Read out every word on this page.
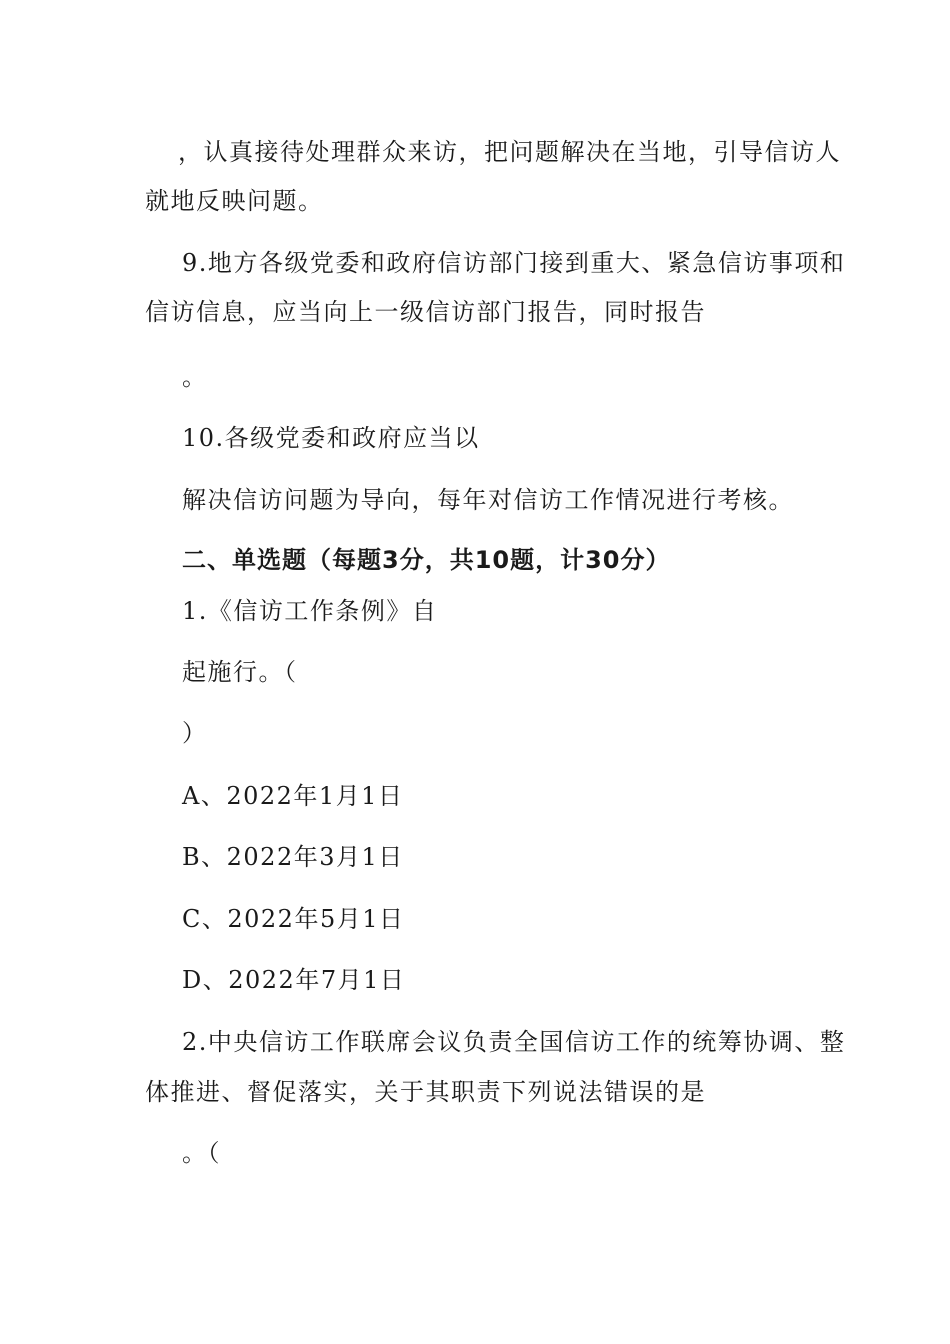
，认真接待处理群众来访，把问题解决在当地，引导信访人
就地反映问题。
9.地方各级党委和政府信访部门接到重大、紧急信访事项和
信访信息，应当向上一级信访部门报告，同时报告
。
10.各级党委和政府应当以
解决信访问题为导向，每年对信访工作情况进行考核。
二、单选题（每题3分，共10题，计30分）
1.《信访工作条例》自
起施行。（
）
A、2022年1月1日
B、2022年3月1日
C、2022年5月1日
D、2022年7月1日
2.中央信访工作联席会议负责全国信访工作的统筹协调、整
体推进、督促落实，关于其职责下列说法错误的是
。（
